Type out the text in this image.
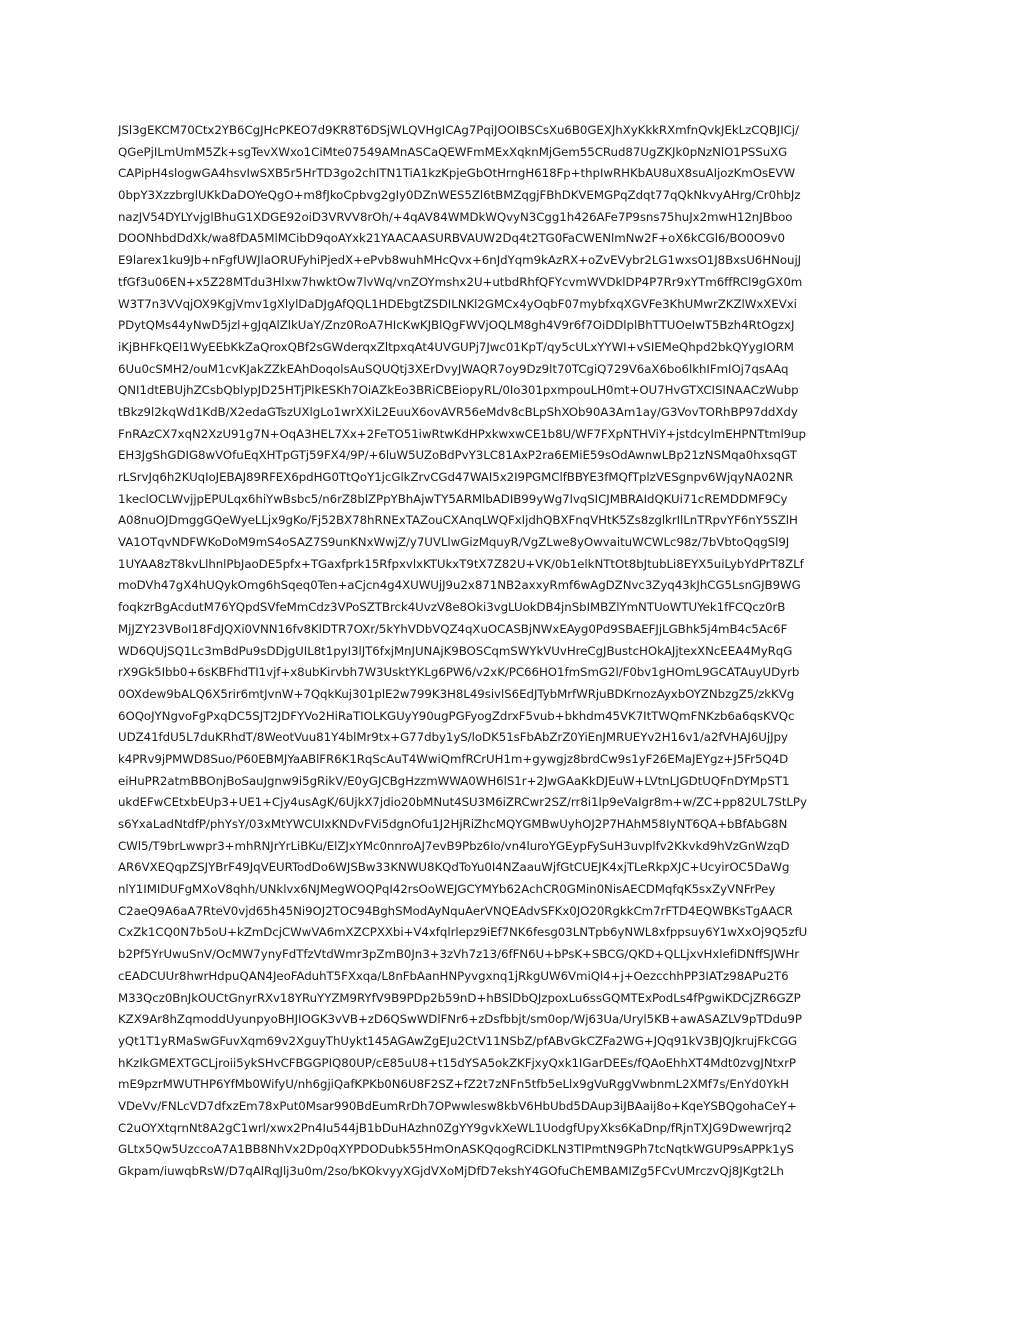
JSl3gEKCM70Ctx2YB6CgJHcPKEO7d9KR8T6DSjWLQVHgICAg7PqiJOOIBSCsXu6B0GEXJhXyKkkRXmfnQvkJEkLzCQBJICj/
QGePjILmUmM5Zk+sgTevXWxo1CiMte07549AMnASCaQEWFmMExXqknMjGem55CRud87UgZKJk0pNzNlO1PSSuXG
CAPipH4slogwGA4hsvIwSXB5r5HrTD3go2chITN1TiA1kzKpjeGbOtHrngH618Fp+thpIwRHKbAU8uX8suAIjozKmOsEVW
0bpY3XzzbrglUKkDaDOYeQgO+m8fJkoCpbvg2gIy0DZnWES5Zl6tBMZqgjFBhDKVEMGPqZdqt77qQkNkvyAHrg/Cr0hbJz
nazJV54DYLYvjglBhuG1XDGE92oiD3VRVV8rOh/+4qAV84WMDkWQvyN3Cgg1h426AFe7P9sns75huJx2mwH12nJBboo
DOONhbdDdXk/wa8fDA5MlMCibD9qoAYxk21YAACAASURBVAUW2Dq4t2TG0FaCWENlmNw2F+oX6kCGl6/BO0O9v0
E9larex1ku9Jb+nFgfUWJlaORUFyhiPjedX+ePvb8wuhMHcQvx+6nJdYqm9kAzRX+oZvEVybr2LG1wxsO1J8BxsU6HNoujJ
tfGf3u06EN+x5Z28MTdu3Hlxw7hwktOw7lvWq/vnZOYmshx2U+utbdRhfQFYcvmWVDklDP4P7Rr9xYTm6ffRCl9gGX0m
W3T7n3VVqjOX9KgjVmv1gXlylDaDJgAfQQL1HDEbgtZSDILNKl2GMCx4yOqbF07mybfxqXGVFe3KhUMwrZKZlWxXEVxi
PDytQMs44yNwD5jzl+gJqAlZlkUaY/Znz0RoA7HIcKwKJBlQgFWVjOQLM8gh4V9r6f7OiDDlplBhTTUOeIwT5Bzh4RtOgzxJ
iKjBHFkQEl1WyEEbKkZaQroxQBf2sGWderqxZltpxqAt4UVGUPj7Jwc01KpT/qy5cULxYYWI+vSIEMeQhpd2bkQYygIORM
6Uu0cSMH2/ouM1cvKJakZZkEAhDoqolsAuSQUQtj3XErDvyJWAQR7oy9Dz9lt70TCgiQ729V6aX6bo6lkhIFmIOj7qsAAq
QNI1dtEBUjhZCsbQblypJD25HTjPlkESKh7OiAZkEo3BRiCBEiopyRL/0Io301pxmpouLH0mt+OU7HvGTXCISINAACzWubp
tBkz9l2kqWd1KdB/X2edaGTszUXlgLo1wrXXiL2EuuX6ovAVR56eMdv8cBLpShXOb90A3Am1ay/G3VovTORhBP97ddXdy
FnRAzCX7xqN2XzU91g7N+OqA3HEL7Xx+2FeTO51iwRtwKdHPxkwxwCE1b8U/WF7FXpNTHViY+jstdcylmEHPNTtml9up
EH3JgShGDIG8wVOfuEqXHTpGTj59FX4/9P/+6luW5UZoBdPvY3LC81AxP2ra6EMiE59sOdAwnwLBp21zNSMqa0hxsqGT
rLSrvJq6h2KUqIoJEBAJ89RFEX6pdHG0TtQoY1jcGlkZrvCGd47WAI5x2I9PGMClfBBYE3fMQfTplzVESgnpv6WjqyNA02NR
1keclOCLWvjjpEPULqx6hiYwBsbc5/n6rZ8blZPpYBhAjwTY5ARMlbADIB99yWg7lvqSICJMBRAIdQKUi71cREMDDMF9Cy
A08nuOJDmggGQeWyeLLjx9gKo/Fj52BX78hRNExTAZouCXAnqLWQFxIjdhQBXFnqVHtK5Zs8zglkrIlLnTRpvYF6nY5SZlH
VA1OTqvNDFWKoDoM9mS4oSAZ7S9unKNxWwjZ/y7UVLlwGizMquyR/VgZLwe8yOwvaituWCWLc98z/7bVbtoQqgSl9J
1UYAA8zT8kvLlhnlPbJaoDE5pfx+TGaxfprk15RfpxvlxKTUkxT9tX7Z82U+VK/0b1elkNTtOt8bJtubLi8EYX5uiLybYdPrT8ZLf
moDVh47gX4hUQykOmg6hSqeq0Ten+aCjcn4g4XUWUjJ9u2x871NB2axxyRmf6wAgDZNvc3Zyq43kJhCG5LsnGJB9WG
foqkzrBgAcdutM76YQpdSVfeMmCdz3VPoSZTBrck4UvzV8e8Oki3vgLUokDB4jnSbIMBZlYmNTUoWTUYek1fFCQcz0rB
MjJZY23VBoI18FdJQXi0VNN16fv8KlDTR7OXr/5kYhVDbVQZ4qXuOCASBjNWxEAyg0Pd9SBAEFJjLGBhk5j4mB4c5Ac6F
WD6QUjSQ1Lc3mBdPu9sDDjgUIL8t1pyI3lJT6fxjMnJUNAjK9BOSCqmSWYkVUvHreCgJBustcHOkAJjtexXNcEEA4MyRqG
rX9Gk5Ibb0+6sKBFhdTI1vjf+x8ubKirvbh7W3UsktYKLg6PW6/v2xK/PC66HO1fmSmG2l/F0bv1gHOmL9GCATAuyUDyrb
0OXdew9bALQ6X5rir6mtJvnW+7QqkKuj301plE2w799K3H8L49sivlS6EdJTybMrfWRjuBDKrnozAyxbOYZNbzgZ5/zkKVg
6OQoJYNgvoFgPxqDC5SJT2JDFYVo2HiRaTIOLKGUyY90ugPGFyogZdrxF5vub+bkhdm45VK7ItTWQmFNKzb6a6qsKVQc
UDZ41fdU5L7duKRhdT/8WeotVuu81Y4blMr9tx+G77dby1yS/loDK51sFbAbZrZ0YiEnJMRUEYv2H16v1/a2fVHAJ6UjJpy
k4PRv9jPMWD8Suo/P60EBMJYaABlFR6K1RqScAuT4WwiQmfRCrUH1m+gywgjz8brdCw9s1yF26EMaJEYgz+J5Fr5Q4D
eiHuPR2atmBBOnjBoSauJgnw9i5gRikV/E0yGJCBgHzzmWWA0WH6lS1r+2JwGAaKkDJEuW+LVtnLJGDtUQFnDYMpST1
ukdEFwCEtxbEUp3+UE1+Cjy4usAgK/6UjkX7jdio20bMNut4SU3M6iZRCwr2SZ/rr8i1lp9eVaIgr8m+w/ZC+pp82UL7StLPy
s6YxaLadNtdfP/phYsY/03xMtYWCUIxKNDvFVi5dgnOfu1J2HjRiZhcMQYGMBwUyhOJ2P7HAhM58IyNT6QA+bBfAbG8N
CWl5/T9brLwwpr3+mhRNJrYrLiBKu/ElZJxYMc0nnroAJ7evB9Pbz6Io/vn4luroYGEypFySuH3uvplfv2Kkvkd9hVzGnWzqD
AR6VXEQqpZSJYBrF49JqVEURTodDo6WJSBw33KNWU8KQdToYu0I4NZaauWjfGtCUEJK4xjTLeRkpXJC+UcyirOC5DaWg
nlY1IMIDUFgMXoV8qhh/UNklvx6NJMegWOQPqI42rsOoWEJGCYMYb62AchCR0GMin0NisAECDMqfqK5sxZyVNFrPey
C2aeQ9A6aA7RteV0vjd65h45Ni9OJ2TOC94BghSModAyNquAerVNQEAdvSFKx0JO20RgkkCm7rFTD4EQWBKsTgAACR
CxZk1CQ0N7b5oU+kZmDcjCWwVA6mXZCPXXbi+V4xfqlrlepz9iEf7NK6fesg03LNTpb6yNWL8xfppsuy6Y1wXxOj9Q5zfU
b2Pf5YrUwuSnV/OcMW7ynyFdTfzVtdWmr3pZmB0Jn3+3zVh7z13/6fFN6U+bPsK+SBCG/QKD+QLLjxvHxlefiDNffSJWHr
cEADCUUr8hwrHdpuQAN4JeoFAduhT5FXxqa/L8nFbAanHNPyvgxnq1jRkgUW6VmiQl4+j+OezcchhPP3IATz98APu2T6
M33Qcz0BnJkOUCtGnyrRXv18YRuYYZM9RYfV9B9PDp2b59nD+hBSlDbQJzpoxLu6ssGQMTExPodLs4fPgwiKDCjZR6GZP
KZX9Ar8hZqmoddUyunpyoBHJIOGK3vVB+zD6QSwWDlFNr6+zDsfbbjt/sm0op/Wj63Ua/Uryl5KB+awASAZLV9pTDdu9P
yQt1T1yRMaSwGFuvXqm69v2XguyThUykt145AGAwZgEJu2CtV11NSbZ/pfABvGkCZFa2WG+JQq91kV3BJQJkrujFkCGG
hKzIkGMEXTGCLjroii5ykSHvCFBGGPIQ80UP/cE85uU8+t15dYSA5okZKFjxyQxk1IGarDEEs/fQAoEhhXT4Mdt0zvgJNtxrP
mE9pzrMWUTHP6YfMb0WifyU/nh6gjiQafKPKb0N6U8F2SZ+fZ2t7zNFn5tfb5eLlx9gVuRggVwbnmL2XMf7s/EnYd0YkH
VDeVv/FNLcVD7dfxzEm78xPut0Msar990BdEumRrDh7OPwwlesw8kbV6HbUbd5DAup3iJBAaij8o+KqeYSBQgohaCeY+
C2uOYXtqrnNt8A2gC1wrl/xwx2Pn4Iu544jB1bDuHAzhn0ZgYY9gvkXeWL1UodgfUpyXks6KaDnp/fRjnTXJG9Dwewrjrq2
GLtx5Qw5UzccoA7A1BB8NhVx2Dp0qXYPDODubk55HmOnASKQqogRCiDKLN3TlPmtN9GPh7tcNqtkWGUP9sAPPk1yS
Gkpam/iuwqbRsW/D7qAlRqJlj3u0m/2so/bKOkvyyXGjdVXoMjDfD7ekshY4GOfuChEMBAMIZg5FCvUMrczvQj8JKgt2Lh
